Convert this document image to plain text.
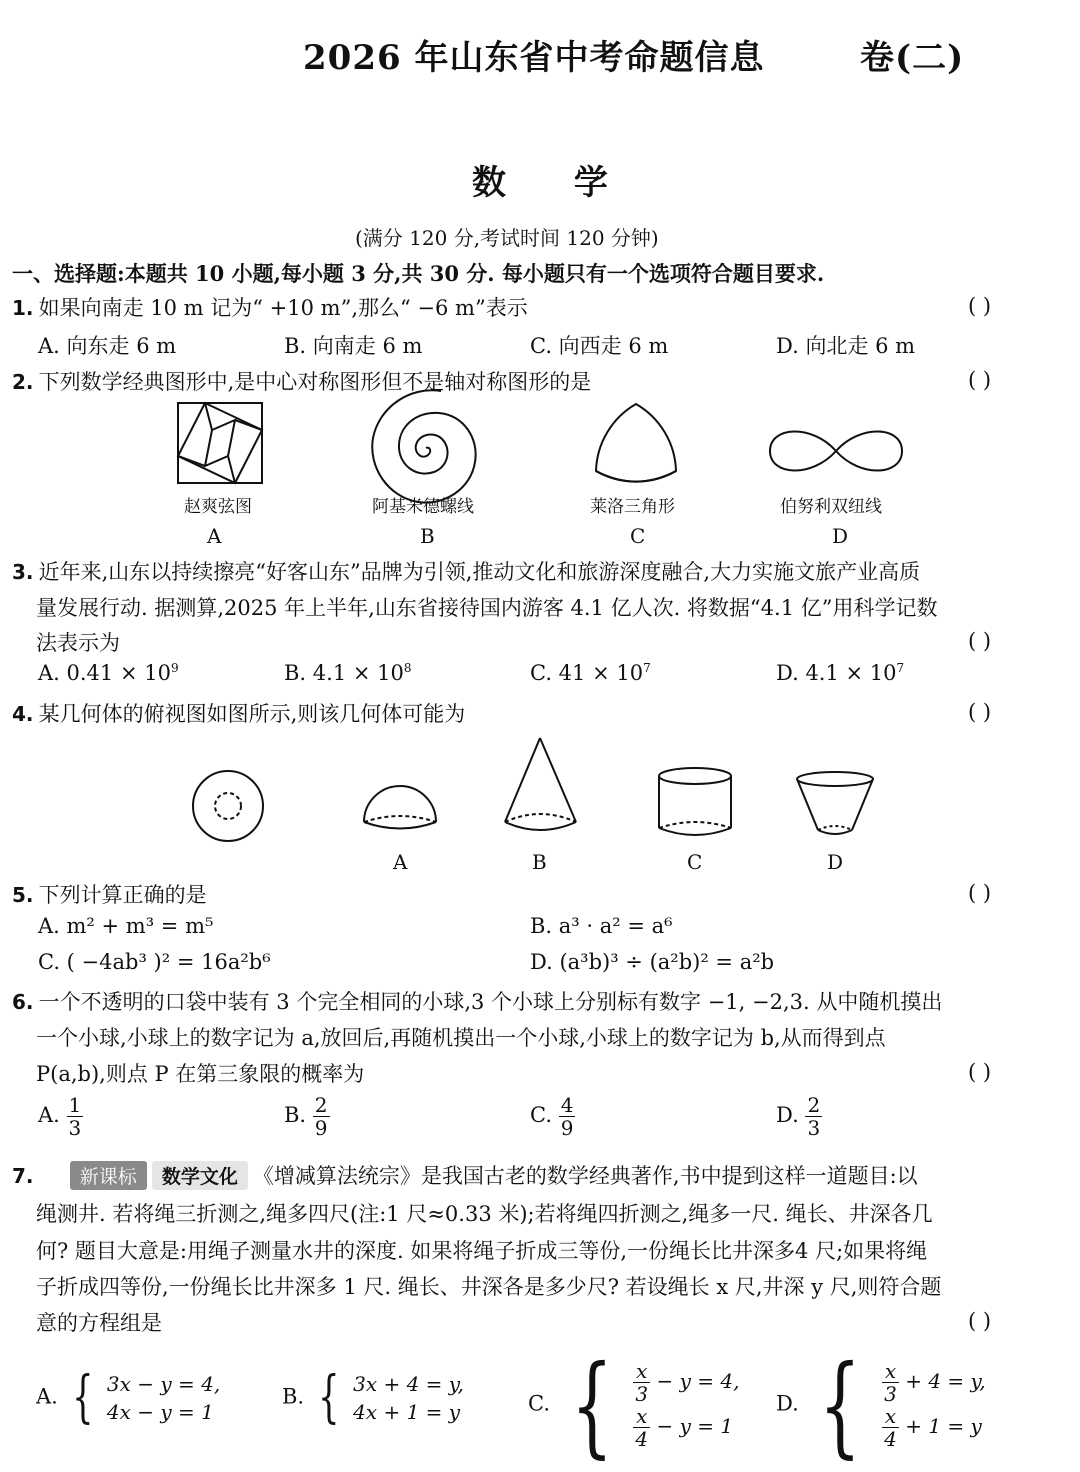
2026 年山东省中考命题信息	卷(二)
数 学
(满分 120 分,考试时间 120 分钟)
一、选择题:本题共 10 小题,每小题 3 分,共 30 分. 每小题只有一个选项符合题目要求.
1. 如果向南走 10 m 记为“ +10 m”,那么“ −6 m”表示	( )
A. 向东走 6 m	B. 向南走 6 m	C. 向西走 6 m	D. 向北走 6 m
2. 下列数学经典图形中,是中心对称图形但不是轴对称图形的是	( )
赵爽弦图	阿基米德螺线	莱洛三角形	伯努利双纽线
A	B	C	D
3. 近年来,山东以持续擦亮“好客山东”品牌为引领,推动文化和旅游深度融合,大力实施文旅产业高质
量发展行动. 据测算,2025 年上半年,山东省接待国内游客 4.1 亿人次. 将数据“4.1 亿”用科学记数
法表示为	( )
A. $0.41 \times 10^9$	B. $4.1 \times 10^8$	C. $41 \times 10^7$	D. $4.1 \times 10^7$
4. 某几何体的俯视图如图所示,则该几何体可能为	( )
A	B	C	D
5. 下列计算正确的是	( )
A. m² + m³ = m⁵	B. a³ · a² = a⁶
C. ( −4ab³ )² = 16a²b⁶	D. (a³b)³ ÷ (a²b)² = a²b
6. 一个不透明的口袋中装有 3 个完全相同的小球,3 个小球上分别标有数字 −1, −2,3. 从中随机摸出
一个小球,小球上的数字记为 a,放回后,再随机摸出一个小球,小球上的数字记为 b,从而得到点
P(a,b),则点 P 在第三象限的概率为	( )
A. $\frac{1}{3}$	B. $\frac{2}{9}$	C. $\frac{4}{9}$	D. $\frac{2}{3}$
7. 新课标 数学文化 《增减算法统宗》是我国古老的数学经典著作,书中提到这样一道题目:以
绳测井. 若将绳三折测之,绳多四尺(注:1 尺≈0.33 米);若将绳四折测之,绳多一尺. 绳长、井深各几
何? 题目大意是:用绳子测量水井的深度. 如果将绳子折成三等份,一份绳长比井深多4 尺;如果将绳
子折成四等份,一份绳长比井深多 1 尺. 绳长、井深各是多少尺? 若设绳长 x 尺,井深 y 尺,则符合题
意的方程组是	( )
A. { 3x − y = 4,
4x − y = 1
B. { 3x + 4 = y,
4x + 1 = y	C. { $\frac{x}{3} - y = 4$,

$\frac{x}{4} - y = 1$
D. { $\frac{x}{3} + 4 = y$,

$\frac{x}{4} + 1 = y$
